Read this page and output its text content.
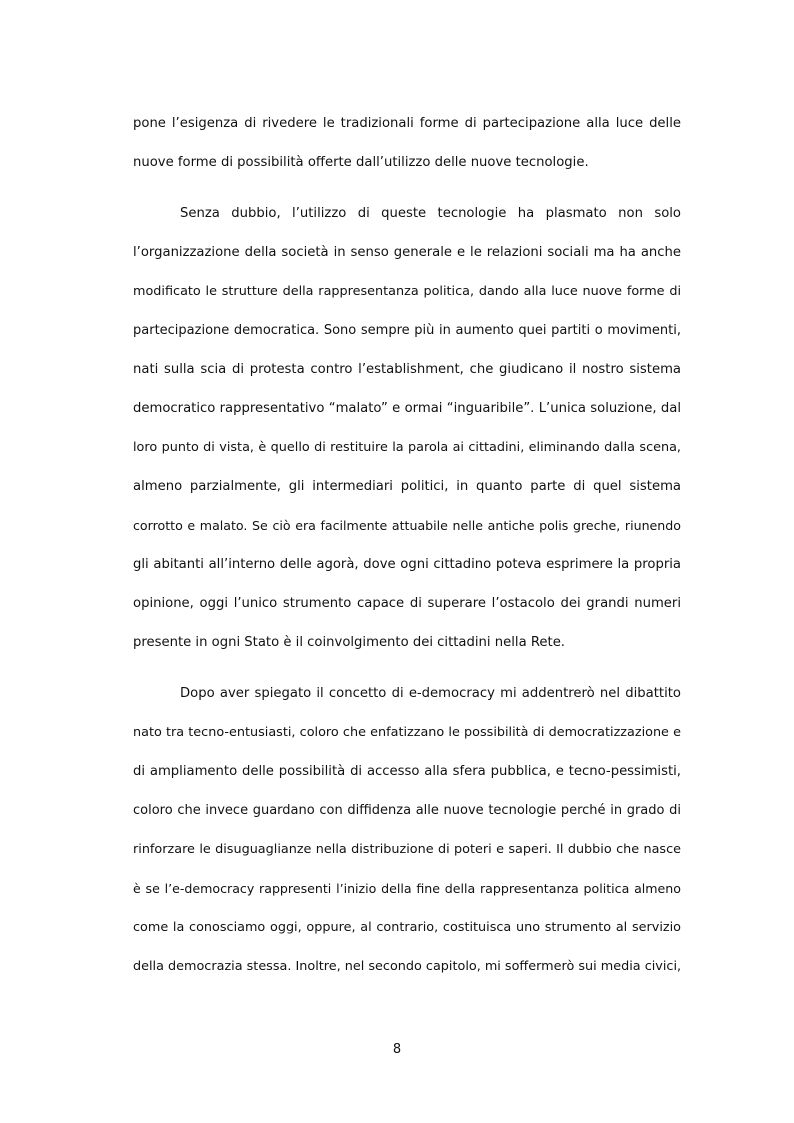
pone l’esigenza di rivedere le tradizionali forme di partecipazione alla luce delle
nuove forme di possibilità offerte dall’utilizzo delle nuove tecnologie.
Senza dubbio, l’utilizzo di queste tecnologie ha plasmato non solo
l’organizzazione della società in senso generale e le relazioni sociali ma ha anche
modificato le strutture della rappresentanza politica, dando alla luce nuove forme di
partecipazione democratica. Sono sempre più in aumento quei partiti o movimenti,
nati sulla scia di protesta contro l’establishment, che giudicano il nostro sistema
democratico rappresentativo “malato” e ormai “inguaribile”. L’unica soluzione, dal
loro punto di vista, è quello di restituire la parola ai cittadini, eliminando dalla scena,
almeno parzialmente, gli intermediari politici, in quanto parte di quel sistema
corrotto e malato. Se ciò era facilmente attuabile nelle antiche polis greche, riunendo
gli abitanti all’interno delle agorà, dove ogni cittadino poteva esprimere la propria
opinione, oggi l’unico strumento capace di superare l’ostacolo dei grandi numeri
presente in ogni Stato è il coinvolgimento dei cittadini nella Rete.
Dopo aver spiegato il concetto di e-democracy mi addentrerò nel dibattito
nato tra tecno-entusiasti, coloro che enfatizzano le possibilità di democratizzazione e
di ampliamento delle possibilità di accesso alla sfera pubblica, e tecno-pessimisti,
coloro che invece guardano con diffidenza alle nuove tecnologie perché in grado di
rinforzare le disuguaglianze nella distribuzione di poteri e saperi. Il dubbio che nasce
è se l’e-democracy rappresenti l’inizio della fine della rappresentanza politica almeno
come la conosciamo oggi, oppure, al contrario, costituisca uno strumento al servizio
della democrazia stessa. Inoltre, nel secondo capitolo, mi soffermerò sui media civici,
8
